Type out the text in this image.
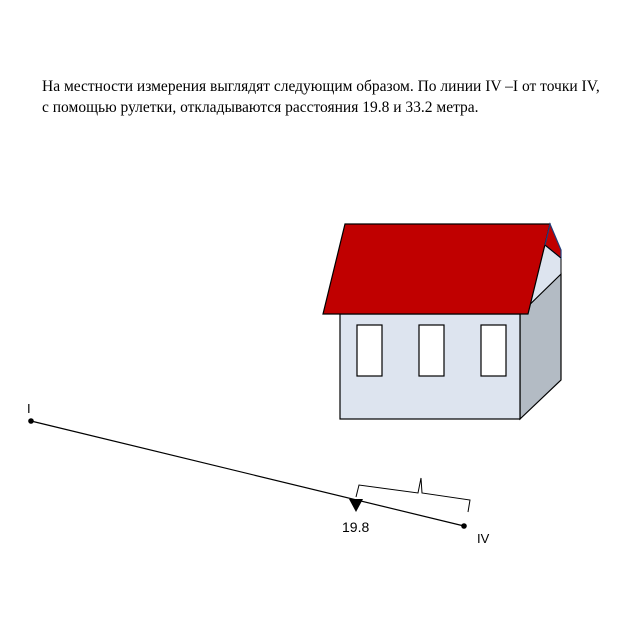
На местности измерения выглядят следующим образом. По линии IV –I от точки IV, с помощью рулетки, откладываются расстояния 19.8 и 33.2 метра.

I
IV
19.8
